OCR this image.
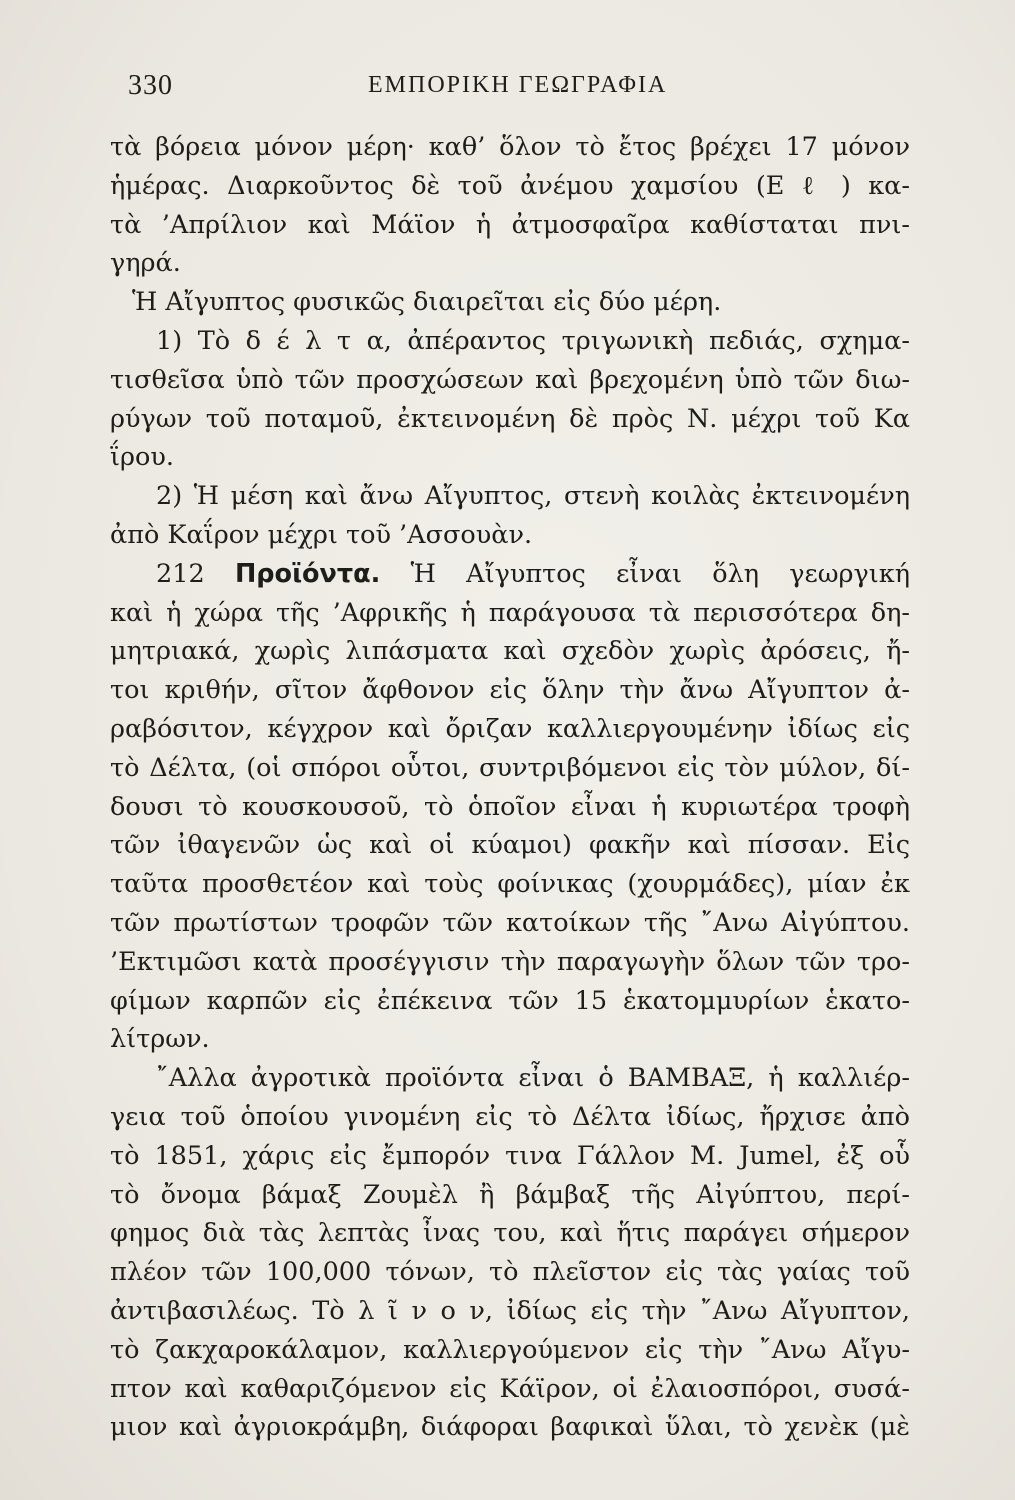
330	ΕΜΠΟΡΙΚΗ ΓΕΩΓΡΑΦΙΑ
τὰ βόρεια μόνον μέρη· καθ’ ὅλον τὸ ἔτος βρέχει 17 μόνον
ἡμέρας. Διαρκοῦντος δὲ τοῦ ἀνέμου χαμσίου (Ε ℓ ) κα-
τὰ ’Απρίλιον καὶ Μάϊον ἡ ἀτμοσφαῖρα καθίσταται πνι-
γηρά.
Ἡ Αἴγυπτος φυσικῶς διαιρεῖται εἰς δύο μέρη.
1) Τὸ δ έ λ τ α, ἀπέραντος τριγωνικὴ πεδιάς, σχημα-
τισθεῖσα ὑπὸ τῶν προσχώσεων καὶ βρεχομένη ὑπὸ τῶν διω-
ρύγων τοῦ ποταμοῦ, ἐκτεινομένη δὲ πρὸς Ν. μέχρι τοῦ Κα
ΐρου.
2) Ἡ μέση καὶ ἄνω Αἴγυπτος, στενὴ κοιλὰς ἐκτεινομένη
ἀπὸ Καΐρον μέχρι τοῦ ’Ασσουὰν.
212 Προϊόντα. Ἡ Αἴγυπτος εἶναι ὅλη γεωργική
καὶ ἡ χώρα τῆς ’Αφρικῆς ἡ παράγουσα τὰ περισσότερα δη-
μητριακά, χωρὶς λιπάσματα καὶ σχεδὸν χωρὶς ἀρόσεις, ἤ-
τοι κριθήν, σῖτον ἄφθονον εἰς ὅλην τὴν ἄνω Αἴγυπτον ἀ-
ραβόσιτον, κέγχρον καὶ ὄριζαν καλλιεργουμένην ἰδίως εἰς
τὸ Δέλτα, (οἱ σπόροι οὗτοι, συντριβόμενοι εἰς τὸν μύλον, δί-
δουσι τὸ κουσκουσοῦ, τὸ ὁποῖον εἶναι ἡ κυριωτέρα τροφὴ
τῶν ἰθαγενῶν ὡς καὶ οἱ κύαμοι) φακῆν καὶ πίσσαν. Εἰς
ταῦτα προσθετέον καὶ τοὺς φοίνικας (χουρμάδες), μίαν ἐκ
τῶν πρωτίστων τροφῶν τῶν κατοίκων τῆς ῎Ανω Αἰγύπτου.
’Εκτιμῶσι κατὰ προσέγγισιν τὴν παραγωγὴν ὅλων τῶν τρο-
φίμων καρπῶν εἰς ἐπέκεινα τῶν 15 ἑκατομμυρίων ἑκατο-
λίτρων.
῎Αλλα ἀγροτικὰ προϊόντα εἶναι ὁ ΒΑΜΒΑΞ, ἡ καλλιέρ-
γεια τοῦ ὁποίου γινομένη εἰς τὸ Δέλτα ἰδίως, ἤρχισε ἀπὸ
τὸ 1851, χάρις εἰς ἔμπορόν τινα Γάλλον Μ. Jumel, ἐξ οὗ
τὸ ὄνομα βάμαξ Ζουμὲλ ἢ βάμβαξ τῆς Αἰγύπτου, περί-
φημος διὰ τὰς λεπτὰς ἶνας του, καὶ ἥτις παράγει σήμερον
πλέον τῶν 100,000 τόνων, τὸ πλεῖστον εἰς τὰς γαίας τοῦ
ἀντιβασιλέως. Τὸ λ ῖ ν ο ν, ἰδίως εἰς τὴν ῎Ανω Αἴγυπτον,
τὸ ζακχαροκάλαμον, καλλιεργούμενον εἰς τὴν ῎Ανω Αἴγυ-
πτον καὶ καθαριζόμενον εἰς Κάϊρον, οἱ ἐλαιοσπόροι, συσά-
μιον καὶ ἀγριοκράμβη, διάφοραι βαφικαὶ ὕλαι, τὸ χενὲκ (μὲ
